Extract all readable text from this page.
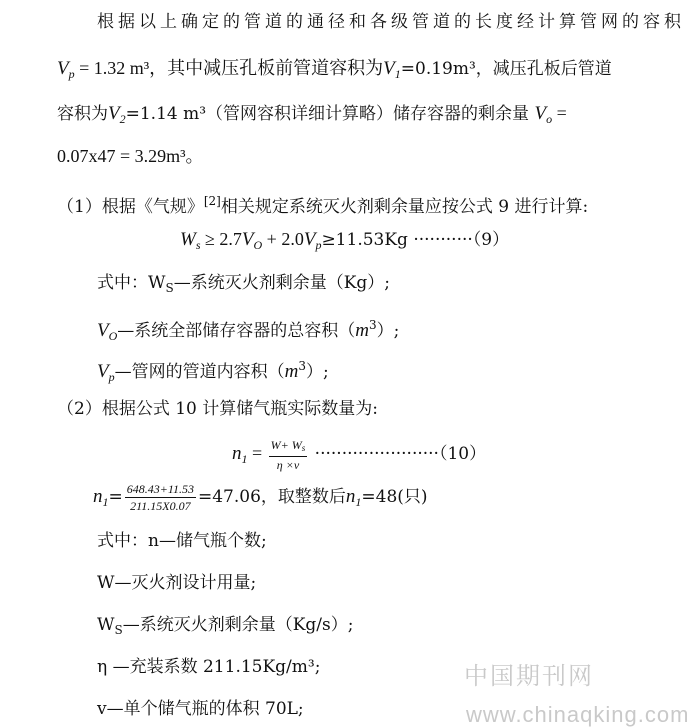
根据以上确定的管道的通径和各级管道的长度经计算管网的容积
$V_p = 1.32$ m³，其中减压孔板前管道容积为$V_1=0.19m^3$，减压孔板后管道
容积为$V_2=1.14$ m³（管网容积详细计算略）储存容器的剩余量 $V_o$ =
0.07x47 = 3.29m³。
（1）根据《气规》[2]相关规定系统灭火剂剩余量应按公式 9 进行计算:
$W_s \ge 2.7V_O + 2.0V_p\ge 11.53Kg \cdot\cdot\cdot\cdot\cdot\cdot\cdot\cdot\cdot\cdot\cdot(9)$
式中：$W_S—$系统灭火剂剩余量（Kg）;
$V_O—$系统全部储存容器的总容积$(m^3)$;
$V_p—$管网的管道内容积$(m^3)$;
（2）根据公式 10 计算储气瓶实际数量为:
$n_1 = \frac{W+ W_s}{\eta \times v} \cdot\cdot\cdot\cdot\cdot\cdot\cdot\cdot\cdot\cdot\cdot\cdot\cdot\cdot\cdot\cdot\cdot\cdot\cdot\cdot\cdot\cdot\cdot(10)$
$n_1= \frac{648.43+11.53}{211.15X0.07} =47.06$，取整数后$n_1=48$(只)
式中：n—储气瓶个数;
W—灭火剂设计用量;
$W_S—$系统灭火剂剩余量（Kg/s）;
η —充装系数 211.15Kg/m³;
v—单个储气瓶的体积 70L;
中国期刊网
www.chinaqking.com
